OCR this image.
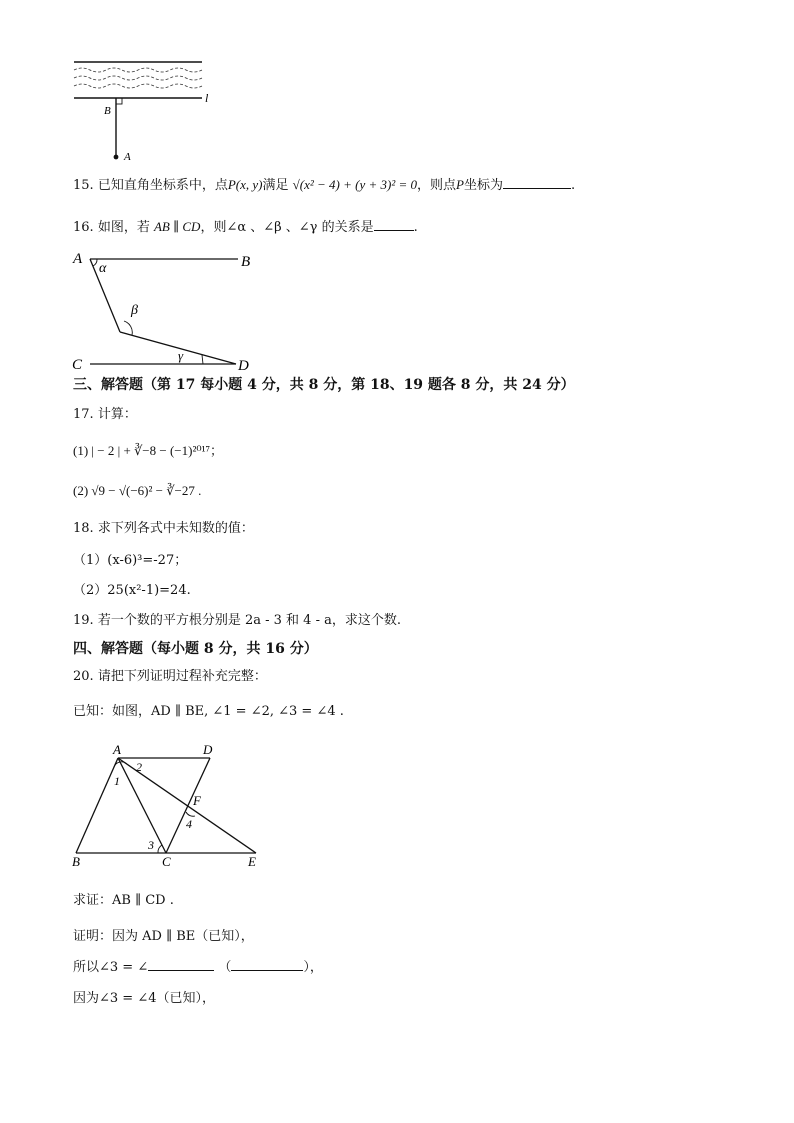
l
B
A
15. 已知直角坐标系中，点P(x, y)满足 √(x² − 4) + (y + 3)² = 0，则点P坐标为	.
16. 如图，若 AB ∥ CD，则∠α 、∠β 、∠γ 的关系是	.
A	B
C	D
α
β
γ
三、解答题（第 17 每小题 4 分，共 8 分，第 18、19 题各 8 分，共 24 分）
17. 计算：
(1) | − 2 | + ∛−8 − (−1)²⁰¹⁷；
(2) √9 − √(−6)² − ∛−27 .
18. 求下列各式中未知数的值：
（1）(x-6)³=-27；
（2）25(x²-1)=24.
19. 若一个数的平方根分别是 2a - 3 和 4 - a，求这个数.
四、解答题（每小题 8 分，共 16 分）
20. 请把下列证明过程补充完整：
已知：如图，AD ∥ BE, ∠1 = ∠2, ∠3 = ∠4 .
A	D
B	C	E
F
1
2
3
4
求证：AB ∥ CD .
证明：因为 AD ∥ BE（已知），
所以∠3 = ∠	（	），
因为∠3 = ∠4（已知），
